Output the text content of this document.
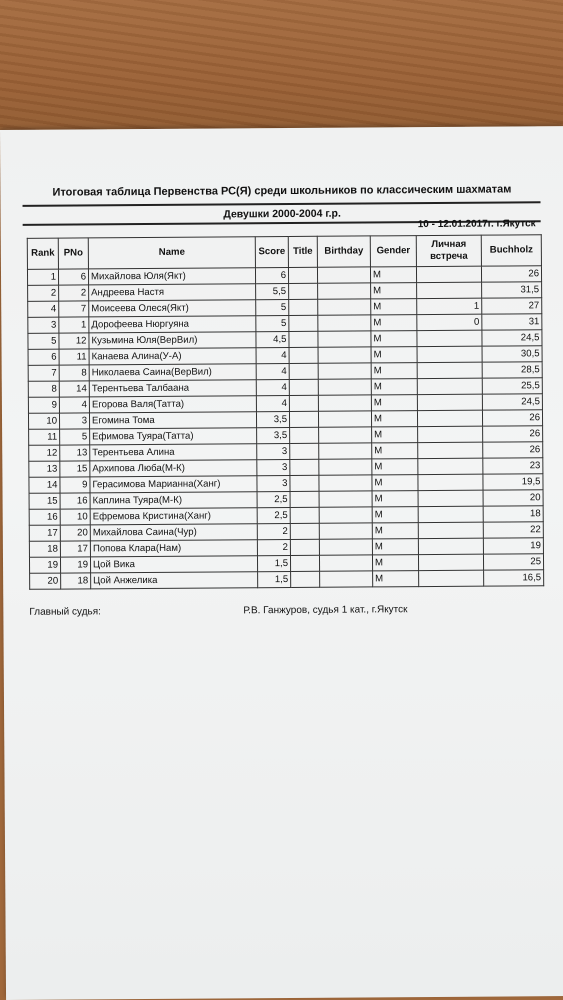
Итоговая таблица Первенства РС(Я) среди школьников по классическим шахматам
Девушки 2000-2004 г.р.
10 - 12.01.2017г. г.Якутск
Rank	PNo	Name	Score	Title	Birthday	Gender	Личная встреча	Buchholz
1	6	Михайлова Юля(Якт)	6			M		26
2	2	Андреева Настя	5,5			M		31,5
4	7	Моисеева Олеся(Якт)	5			M	1	27
3	1	Дорофеева Нюргуяна	5			M	0	31
5	12	Кузьмина Юля(ВерВил)	4,5			M		24,5
6	11	Канаева Алина(У-А)	4			M		30,5
7	8	Николаева Саина(ВерВил)	4			M		28,5
8	14	Терентьева Талбаана	4			M		25,5
9	4	Егорова Валя(Татта)	4			M		24,5
10	3	Егомина Тома	3,5			M		26
11	5	Ефимова Туяра(Татта)	3,5			M		26
12	13	Терентьева Алина	3			M		26
13	15	Архипова Люба(М-К)	3			M		23
14	9	Герасимова Марианна(Ханг)	3			M		19,5
15	16	Каплина Туяра(М-К)	2,5			M		20
16	10	Ефремова Кристина(Ханг)	2,5			M		18
17	20	Михайлова Саина(Чур)	2			M		22
18	17	Попова Клара(Нам)	2			M		19
19	19	Цой Вика	1,5			M		25
20	18	Цой Анжелика	1,5			M		16,5
Главный судья:	Р.В. Ганжуров, судья 1 кат., г.Якутск
